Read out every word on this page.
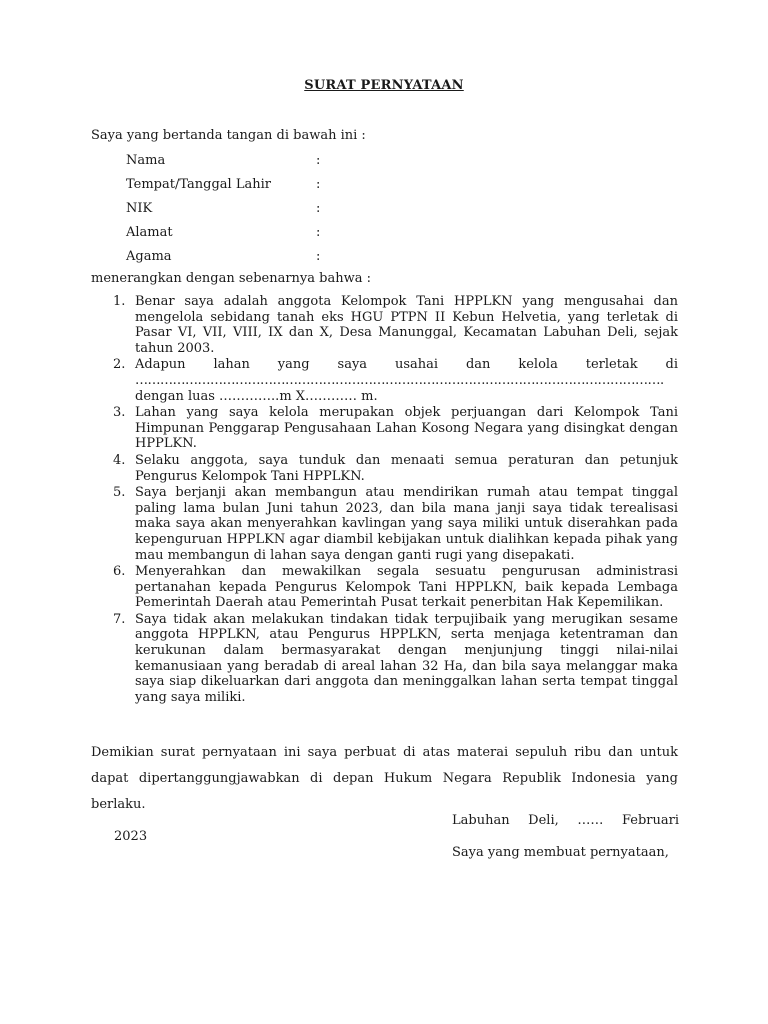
SURAT PERNYATAAN
Saya yang bertanda tangan di bawah ini :
Nama	:
Tempat/Tanggal Lahir	:
NIK	:
Alamat	:
Agama	:
menerangkan dengan sebenarnya bahwa :
1. Benar saya adalah anggota Kelompok Tani HPPLKN yang mengusahai dan mengelola sebidang tanah eks HGU PTPN II Kebun Helvetia, yang terletak di Pasar VI, VII, VIII, IX dan X, Desa Manunggal, Kecamatan Labuhan Deli, sejak tahun 2003.

2. Adapun lahan yang saya usahai dan kelola terletak di

……………………………………………………………………………………………………………….

dengan luas …………..m X………… m.

3. Lahan yang saya kelola merupakan objek perjuangan dari Kelompok Tani Himpunan Penggarap Pengusahaan Lahan Kosong Negara yang disingkat dengan HPPLKN.

4. Selaku anggota, saya tunduk dan menaati semua peraturan dan petunjuk Pengurus Kelompok Tani HPPLKN.

5. Saya berjanji akan membangun atau mendirikan rumah atau tempat tinggal paling lama bulan Juni tahun 2023, dan bila mana janji saya tidak terealisasi maka saya akan menyerahkan kavlingan yang saya miliki untuk diserahkan pada kepenguruan HPPLKN agar diambil kebijakan untuk dialihkan kepada pihak yang mau membangun di lahan saya dengan ganti rugi yang disepakati.

6. Menyerahkan dan mewakilkan segala sesuatu pengurusan administrasi pertanahan kepada Pengurus Kelompok Tani HPPLKN, baik kepada Lembaga Pemerintah Daerah atau Pemerintah Pusat terkait penerbitan Hak Kepemilikan.

7. Saya tidak akan melakukan tindakan tidak terpujibaik yang merugikan sesame anggota HPPLKN, atau Pengurus HPPLKN, serta menjaga ketentraman dan kerukunan dalam bermasyarakat dengan menjunjung tinggi nilai-nilai kemanusiaan yang beradab di areal lahan 32 Ha, dan bila saya melanggar maka saya siap dikeluarkan dari anggota dan meninggalkan lahan serta tempat tinggal yang saya miliki.

Demikian surat pernyataan ini saya perbuat di atas materai sepuluh ribu dan untuk dapat dipertanggungjawabkan di depan Hukum Negara Republik Indonesia yang berlaku.
Labuhan Deli, …… Februari
2023
Saya yang membuat pernyataan,
